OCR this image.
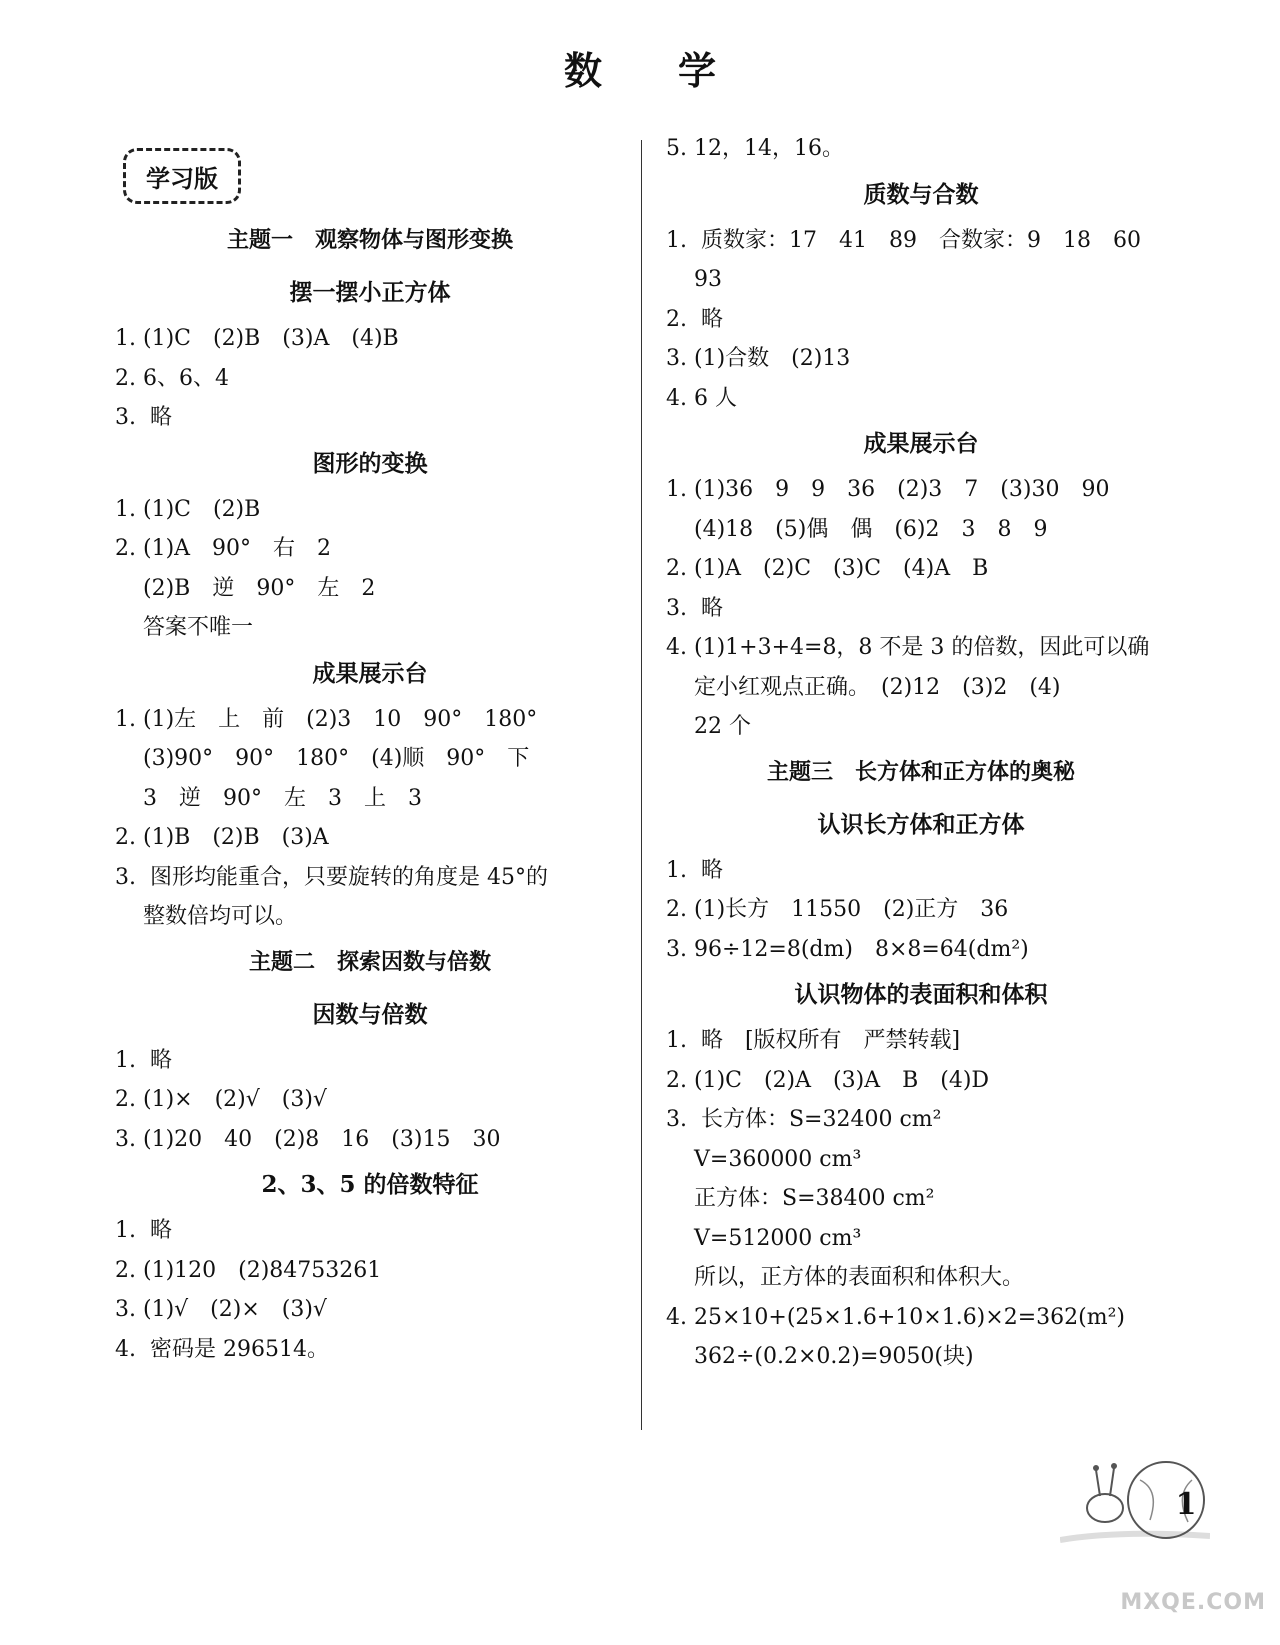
数　　学
学习版
主题一　观察物体与图形变换
摆一摆小正方体
1. (1)C　(2)B　(3)A　(4)B
2. 6、6、4
3.  略
图形的变换
1. (1)C　(2)B
2. (1)A　90°　右　2
(2)B　逆　90°　左　2
答案不唯一
成果展示台
1. (1)左　上　前　(2)3　10　90°　180°
(3)90°　90°　180°　(4)顺　90°　下
3　逆　90°　左　3　上　3
2. (1)B　(2)B　(3)A
3.  图形均能重合，只要旋转的角度是 45°的
整数倍均可以。
主题二　探索因数与倍数
因数与倍数
1.  略
2. (1)×　(2)√　(3)√
3. (1)20　40　(2)8　16　(3)15　30
2、3、5 的倍数特征
1.  略
2. (1)120　(2)84753261
3. (1)√　(2)×　(3)√
4.  密码是 296514。
5. 12，14，16。
质数与合数
1.  质数家：17　41　89　合数家：9　18　60
93
2.  略
3. (1)合数　(2)13
4. 6 人
成果展示台
1. (1)36　9　9　36　(2)3　7　(3)30　90
(4)18　(5)偶　偶　(6)2　3　8　9
2. (1)A　(2)C　(3)C　(4)A　B
3.  略
4. (1)1+3+4=8，8 不是 3 的倍数，因此可以确
定小红观点正确。　(2)12　(3)2　(4)
22 个
主题三　长方体和正方体的奥秘
认识长方体和正方体
1.  略
2. (1)长方　11550　(2)正方　36
3. 96÷12=8(dm)　8×8=64(dm²)
认识物体的表面积和体积
1.  略　[版权所有　严禁转载]
2. (1)C　(2)A　(3)A　B　(4)D
3.  长方体：S=32400 cm²
V=360000 cm³
正方体：S=38400 cm²
V=512000 cm³
所以，正方体的表面积和体积大。
4. 25×10+(25×1.6+10×1.6)×2=362(m²)
362÷(0.2×0.2)=9050(块)
1
MXQE.COM
